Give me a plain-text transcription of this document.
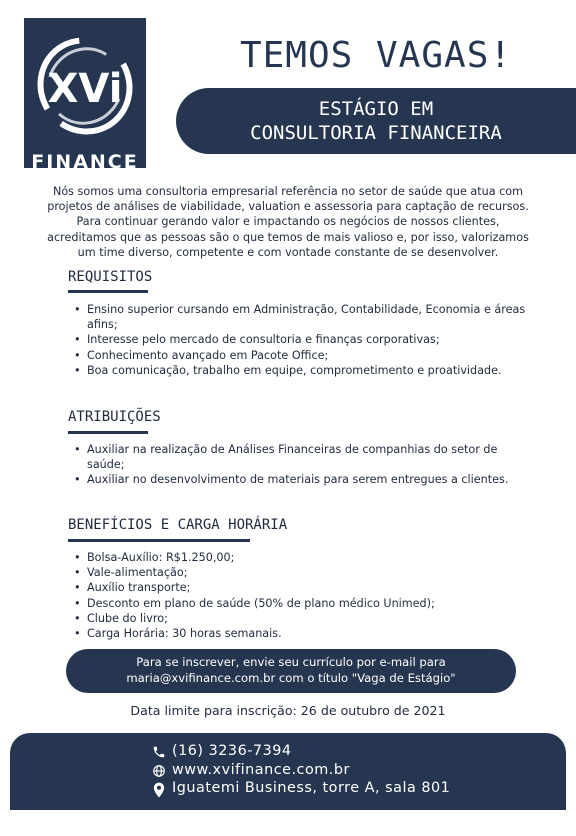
XVi
FINANCE
TEMOS VAGAS!
ESTÁGIO EM
CONSULTORIA FINANCEIRA
Nós somos uma consultoria empresarial referência no setor de saúde que atua com
projetos de análises de viabilidade, valuation e assessoria para captação de recursos.
Para continuar gerando valor e impactando os negócios de nossos clientes,
acreditamos que as pessoas são o que temos de mais valioso e, por isso, valorizamos
um time diverso, competente e com vontade constante de se desenvolver.
REQUISITOS
• Ensino superior cursando em Administração, Contabilidade, Economia e áreas afins;
• Interesse pelo mercado de consultoria e finanças corporativas;
• Conhecimento avançado em Pacote Office;
• Boa comunicação, trabalho em equipe, comprometimento e proatividade.
ATRIBUIÇÕES
• Auxiliar na realização de Análises Financeiras de companhias do setor de saúde;
• Auxiliar no desenvolvimento de materiais para serem entregues a clientes.
BENEFÍCIOS E CARGA HORÁRIA
• Bolsa-Auxílio: R$1.250,00;
• Vale-alimentação;
• Auxílio transporte;
• Desconto em plano de saúde (50% de plano médico Unimed);
• Clube do livro;
• Carga Horária: 30 horas semanais.
Para se inscrever, envie seu currículo por e-mail para
maria@xvifinance.com.br com o título "Vaga de Estágio"
Data limite para inscrição: 26 de outubro de 2021
(16) 3236-7394
www.xvifinance.com.br
Iguatemi Business, torre A, sala 801
